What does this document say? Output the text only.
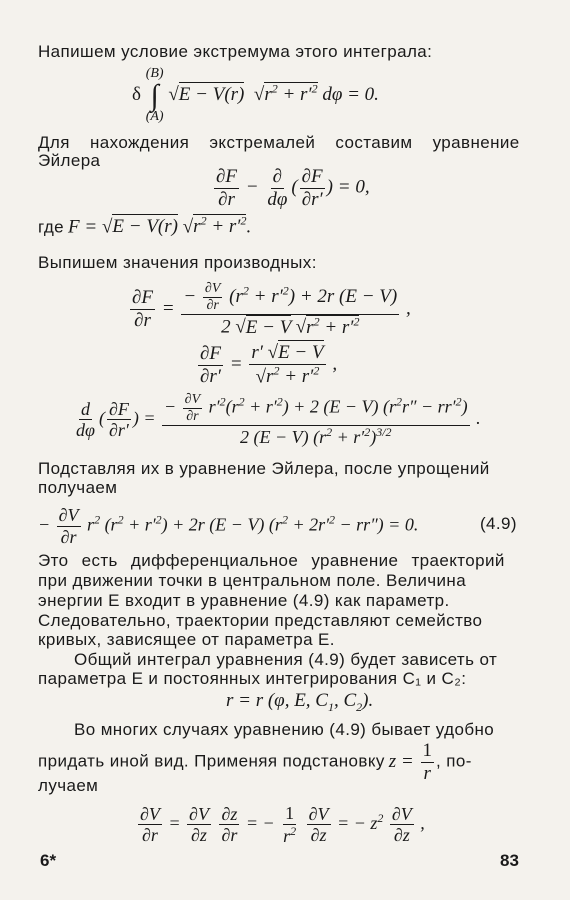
Напишем условие экстремума этого интеграла:
δ
(B)
∫
(A)
√E − V(r) $√r^2 + r'^2$ dφ = 0.
Для нахождения экстремалей составим уравнение
Эйлера
$\frac{\partial F}{\partial r} - \frac{\partial}{d\varphi}$ ( $\frac{\partial F}{\partial r'}$ ) = 0,
где F = √E − V(r) $√r^2 + r'^2$.
Выпишем значения производных:
$\frac{\partial F}{\partial r} = \frac{- \frac{\partial V}{\partial r} (r^2 + r'^2) + 2r (E - V)}{2 √E - V √r^2 + r'^2}$ ,
$\frac{\partial F}{\partial r'} = \frac{r' √E - V}{√r^2 + r'^2}$ ,
$\frac{d}{d\varphi}$ ( $\frac{\partial F}{\partial r'}$ ) = $\frac{- \frac{\partial V}{\partial r} r'^2(r^2 + r'^2) + 2 (E - V) (r^2r'' - rr'^2)}{2 (E - V) (r^2 + r'^2)^{3/2}}$ .
Подставляя их в уравнение Эйлера, после упрощений
получаем
− $\frac{\partial V}{\partial r} r^2$ $(r^2 + r'^2) + 2r$ (E − V) $(r^2 + 2r'^2 - rr'') = 0$.	(4.9)
Это есть дифференциальное уравнение траекторий
при движении точки в центральном поле. Величина
энергии E входит в уравнение (4.9) как параметр.
Следовательно, траектории представляют семейство
кривых, зависящее от параметра E.
Общий интеграл уравнения (4.9) будет зависеть от
параметра E и постоянных интегрирования C₁ и C₂:
r = r (φ, E, $C_1$, $C_2$).
Во многих случаях уравнению (4.9) бывает удобно
придать иной вид. Применяя подстановку $z = \frac{1}{r}$ , по-
лучаем
$\frac{\partial V}{\partial r} = \frac{\partial V}{\partial z}$
$\frac{\partial z}{\partial r}$ = − $\frac{1}{r^2}$
$\frac{\partial V}{\partial z}$ = − $z^2 \frac{\partial V}{\partial z}$ ,
6*	83
